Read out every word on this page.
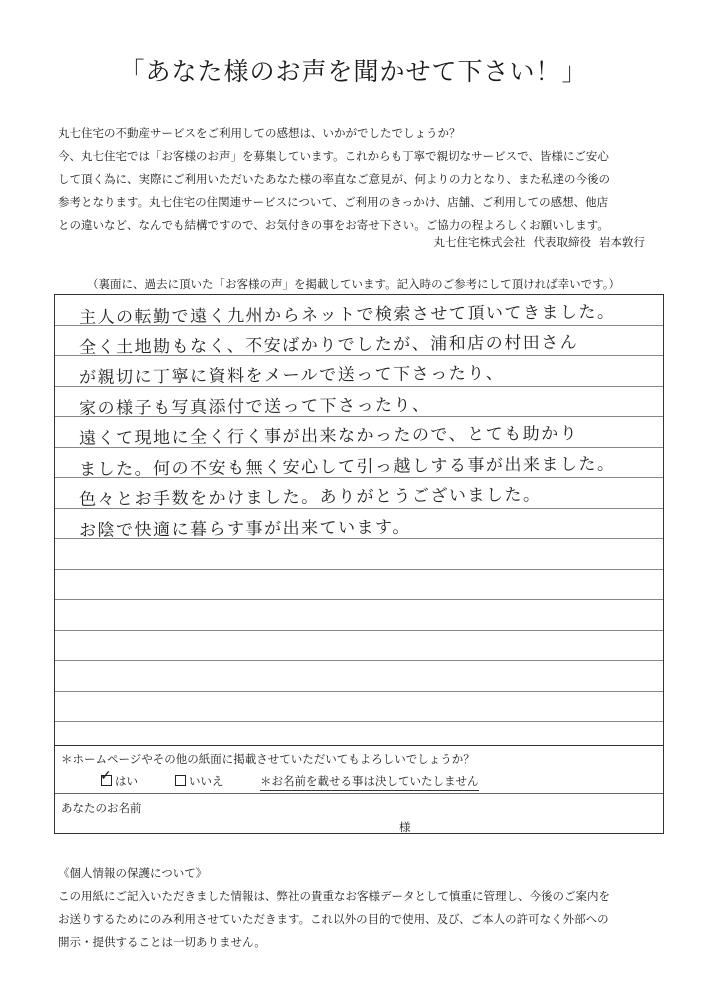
「あなた様のお声を聞かせて下さい！」

丸七住宅の不動産サービスをご利用しての感想は、いかがでしたでしょうか？

今、丸七住宅では「お客様のお声」を募集しています。これからも丁寧で親切なサービスで、皆様にご安心

して頂く為に、実際にご利用いただいたあなた様の率直なご意見が、何よりの力となり、また私達の今後の

参考となります。丸七住宅の住関連サービスについて、ご利用のきっかけ、店舗、ご利用しての感想、他店

との違いなど、なんでも結構ですので、お気付きの事をお寄せ下さい。ご協力の程よろしくお願いします。

丸七住宅株式会社 代表取締役 岩本敦行
（裏面に、過去に頂いた「お客様の声」を掲載しています。記入時のご参考にして頂ければ幸いです。）
主人の転勤で遠く九州からネットで検索させて頂いてきました。
全く土地勘もなく、不安ばかりでしたが、浦和店の村田さん
が親切に丁寧に資料をメールで送って下さったり、
家の様子も写真添付で送って下さったり、
遠くて現地に全く行く事が出来なかったので、とても助かり
ました。何の不安も無く安心して引っ越しする事が出来ました。
色々とお手数をかけました。ありがとうございました。
お陰で快適に暮らす事が出来ています。
＊ホームページやその他の紙面に掲載させていただいてもよろしいでしょうか？
✓ はい	いいえ	＊お名前を載せる事は決していたしません
あなたのお名前
様

《個人情報の保護について》

この用紙にご記入いただきました情報は、弊社の貴重なお客様データとして慎重に管理し、今後のご案内を

お送りするためにのみ利用させていただきます。これ以外の目的で使用、及び、ご本人の許可なく外部への

開示・提供することは一切ありません。
